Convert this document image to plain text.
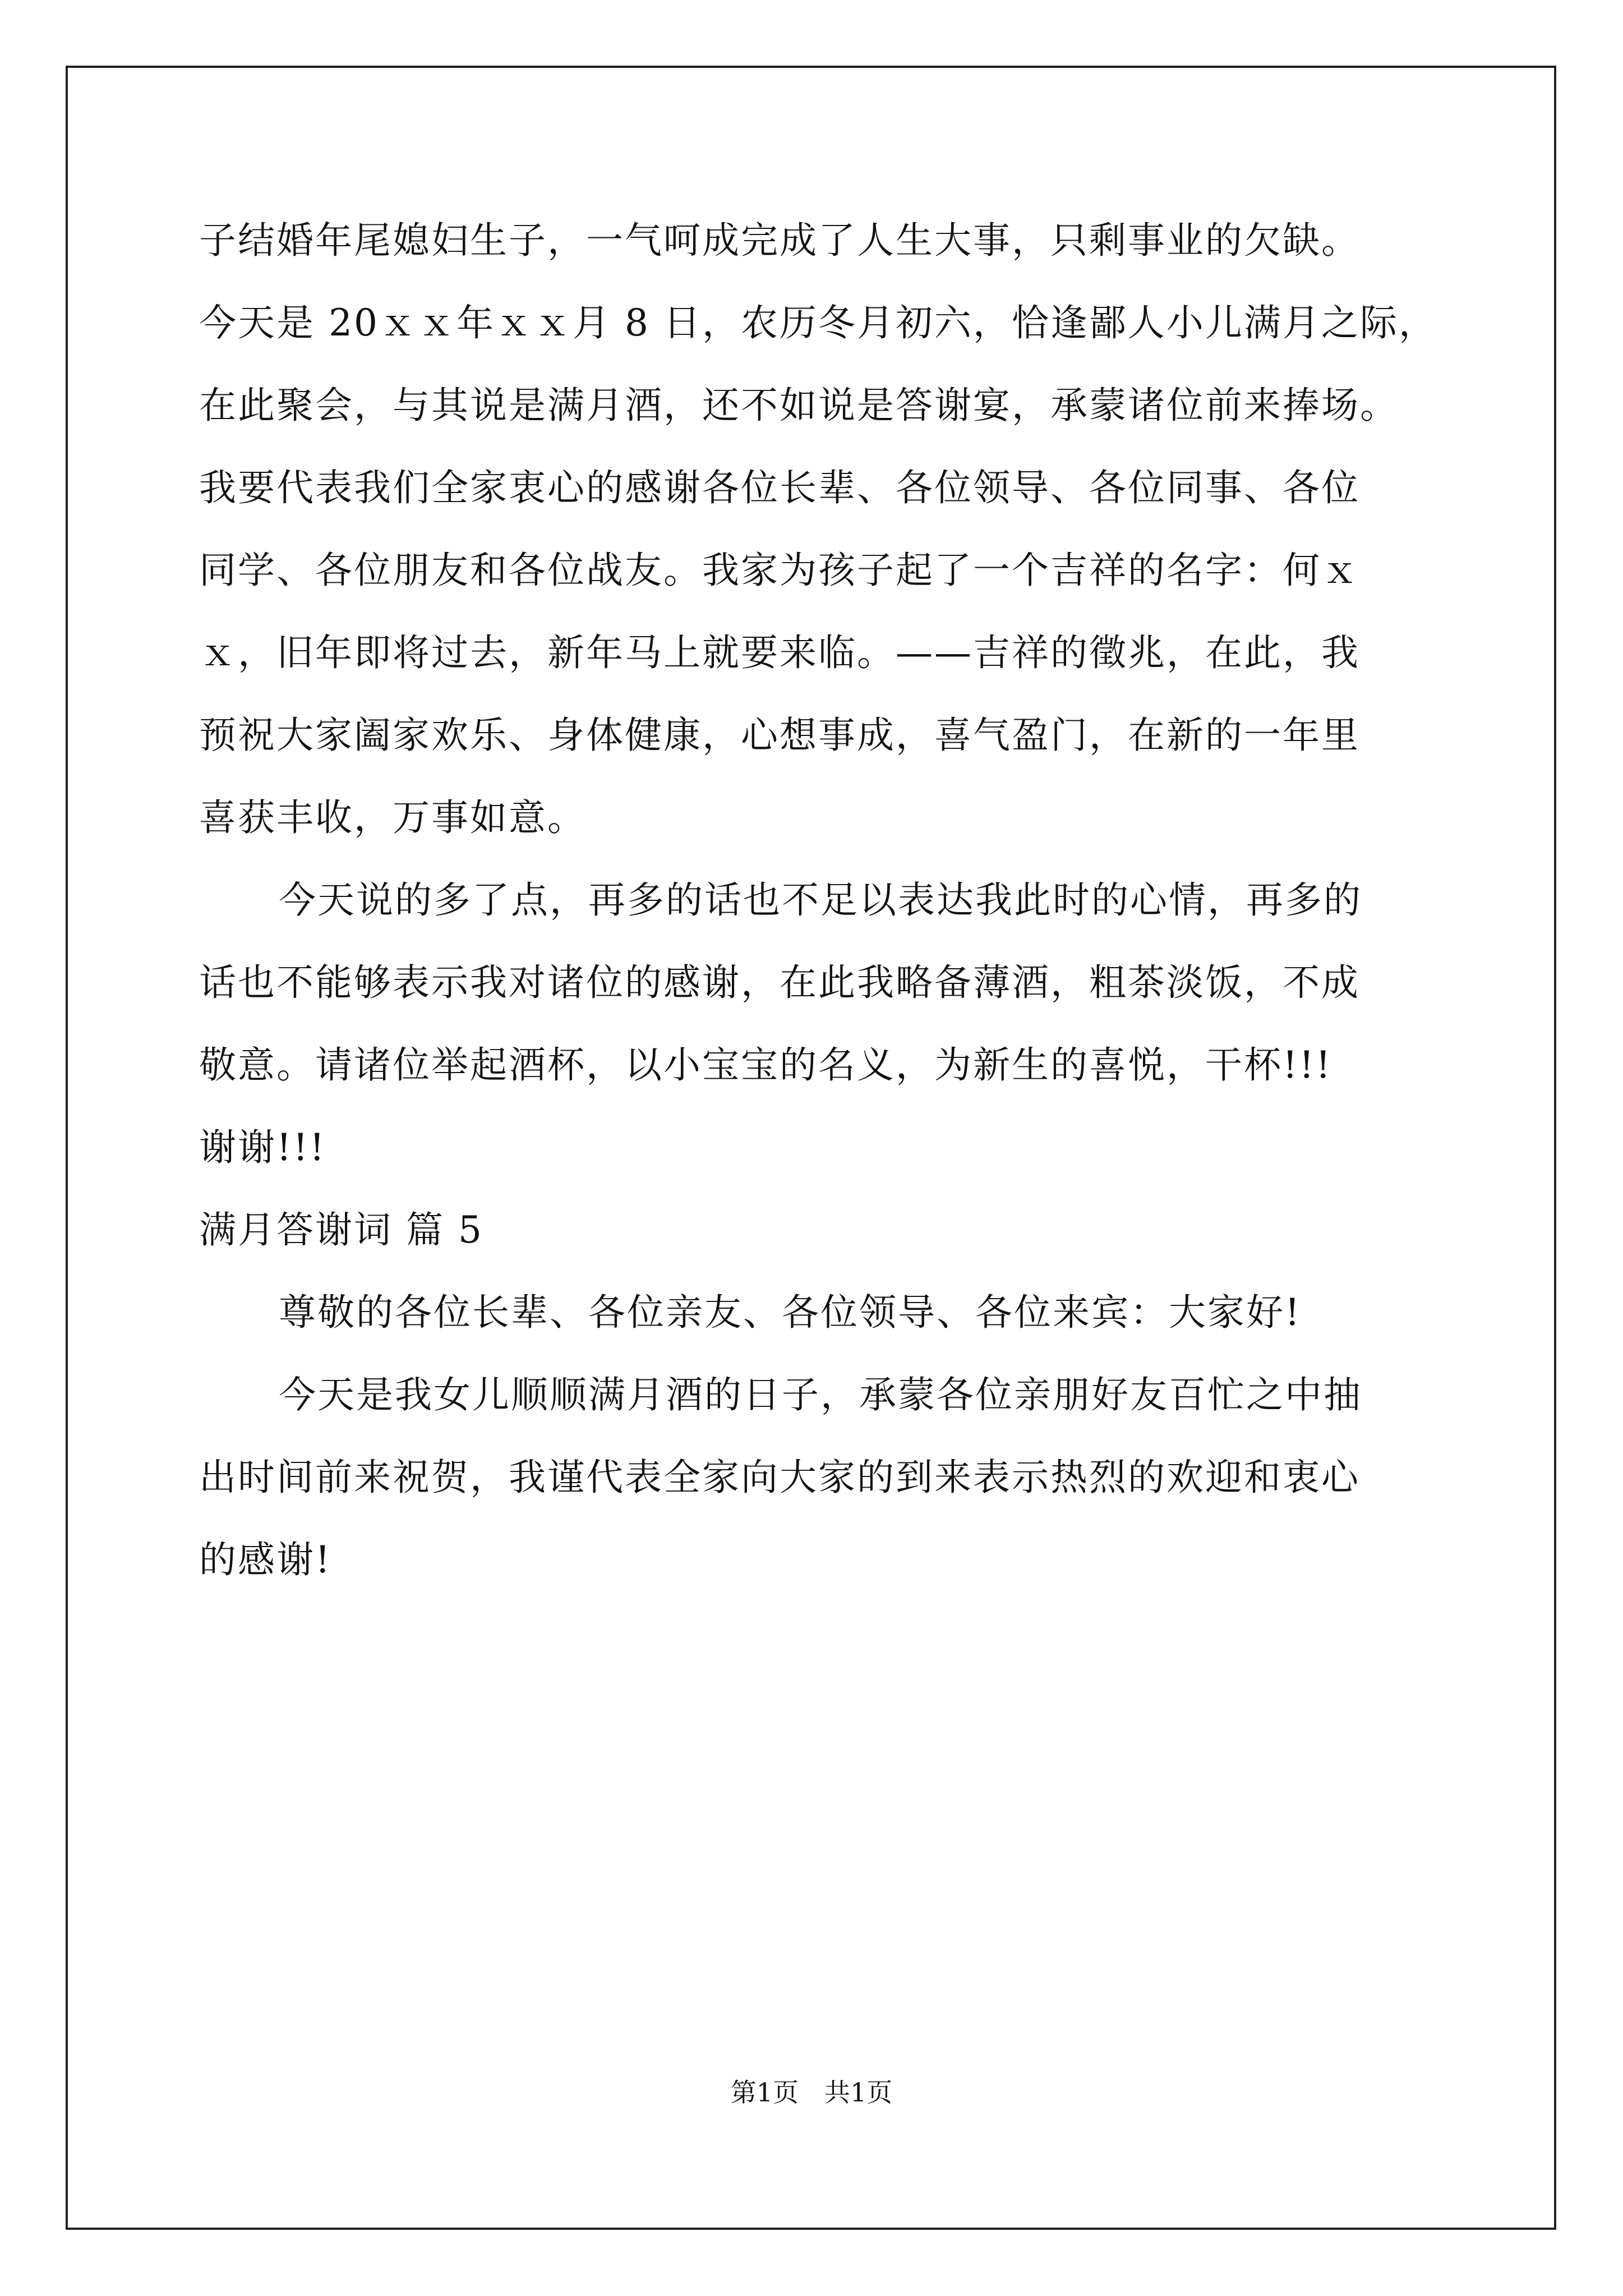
子结婚年尾媳妇生子，一气呵成完成了人生大事，只剩事业的欠缺。
今天是 20ｘｘ年ｘｘ月 8 日，农历冬月初六，恰逢鄙人小儿满月之际，
在此聚会，与其说是满月酒，还不如说是答谢宴，承蒙诸位前来捧场。
我要代表我们全家衷心的感谢各位长辈、各位领导、各位同事、各位
同学、各位朋友和各位战友。我家为孩子起了一个吉祥的名字：何ｘ
ｘ，旧年即将过去，新年马上就要来临。——吉祥的徵兆，在此，我
预祝大家阖家欢乐、身体健康，心想事成，喜气盈门，在新的一年里
喜获丰收，万事如意。
今天说的多了点，再多的话也不足以表达我此时的心情，再多的
话也不能够表示我对诸位的感谢，在此我略备薄酒，粗茶淡饭，不成
敬意。请诸位举起酒杯，以小宝宝的名义，为新生的喜悦，干杯!!!
谢谢!!!
满月答谢词 篇 5
尊敬的各位长辈、各位亲友、各位领导、各位来宾：大家好!
今天是我女儿顺顺满月酒的日子，承蒙各位亲朋好友百忙之中抽
出时间前来祝贺，我谨代表全家向大家的到来表示热烈的欢迎和衷心
的感谢!
第1页　共1页
